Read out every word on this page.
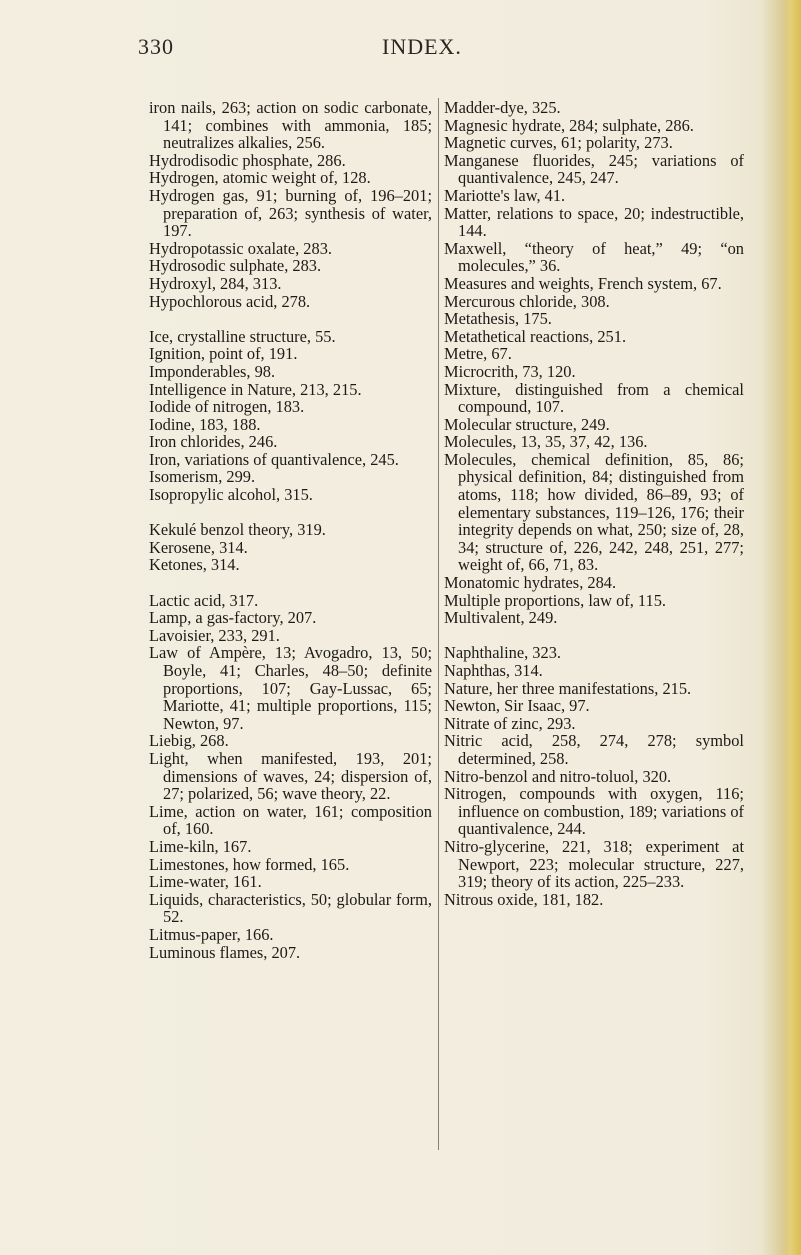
330	INDEX.

iron nails, 263; action on sodic carbonate, 141; combines with ammonia, 185; neutralizes alkalies, 256.

Hydrodisodic phosphate, 286.

Hydrogen, atomic weight of, 128.

Hydrogen gas, 91; burning of, 196–201; preparation of, 263; synthesis of water, 197.

Hydropotassic oxalate, 283.

Hydrosodic sulphate, 283.

Hydroxyl, 284, 313.

Hypochlorous acid, 278.

Ice, crystalline structure, 55.

Ignition, point of, 191.

Imponderables, 98.

Intelligence in Nature, 213, 215.

Iodide of nitrogen, 183.

Iodine, 183, 188.

Iron chlorides, 246.

Iron, variations of quantivalence, 245.

Isomerism, 299.

Isopropylic alcohol, 315.

Kekulé benzol theory, 319.

Kerosene, 314.

Ketones, 314.

Lactic acid, 317.

Lamp, a gas-factory, 207.

Lavoisier, 233, 291.

Law of Ampère, 13; Avogadro, 13, 50; Boyle, 41; Charles, 48–50; definite proportions, 107; Gay-Lussac, 65; Mariotte, 41; multiple proportions, 115; Newton, 97.

Liebig, 268.

Light, when manifested, 193, 201; dimensions of waves, 24; dispersion of, 27; polarized, 56; wave theory, 22.

Lime, action on water, 161; composition of, 160.

Lime-kiln, 167.

Limestones, how formed, 165.

Lime-water, 161.

Liquids, characteristics, 50; globular form, 52.

Litmus-paper, 166.

Luminous flames, 207.

Madder-dye, 325.

Magnesic hydrate, 284; sulphate, 286.

Magnetic curves, 61; polarity, 273.

Manganese fluorides, 245; variations of quantivalence, 245, 247.

Mariotte's law, 41.

Matter, relations to space, 20; indestructible, 144.

Maxwell, “theory of heat,” 49; “on molecules,” 36.

Measures and weights, French system, 67.

Mercurous chloride, 308.

Metathesis, 175.

Metathetical reactions, 251.

Metre, 67.

Microcrith, 73, 120.

Mixture, distinguished from a chemical compound, 107.

Molecular structure, 249.

Molecules, 13, 35, 37, 42, 136.

Molecules, chemical definition, 85, 86; physical definition, 84; distinguished from atoms, 118; how divided, 86–89, 93; of elementary substances, 119–126, 176; their integrity depends on what, 250; size of, 28, 34; structure of, 226, 242, 248, 251, 277; weight of, 66, 71, 83.

Monatomic hydrates, 284.

Multiple proportions, law of, 115.

Multivalent, 249.

Naphthaline, 323.

Naphthas, 314.

Nature, her three manifestations, 215.

Newton, Sir Isaac, 97.

Nitrate of zinc, 293.

Nitric acid, 258, 274, 278; symbol determined, 258.

Nitro-benzol and nitro-toluol, 320.

Nitrogen, compounds with oxygen, 116; influence on combustion, 189; variations of quantivalence, 244.

Nitro-glycerine, 221, 318; experiment at Newport, 223; molecular structure, 227, 319; theory of its action, 225–233.

Nitrous oxide, 181, 182.
